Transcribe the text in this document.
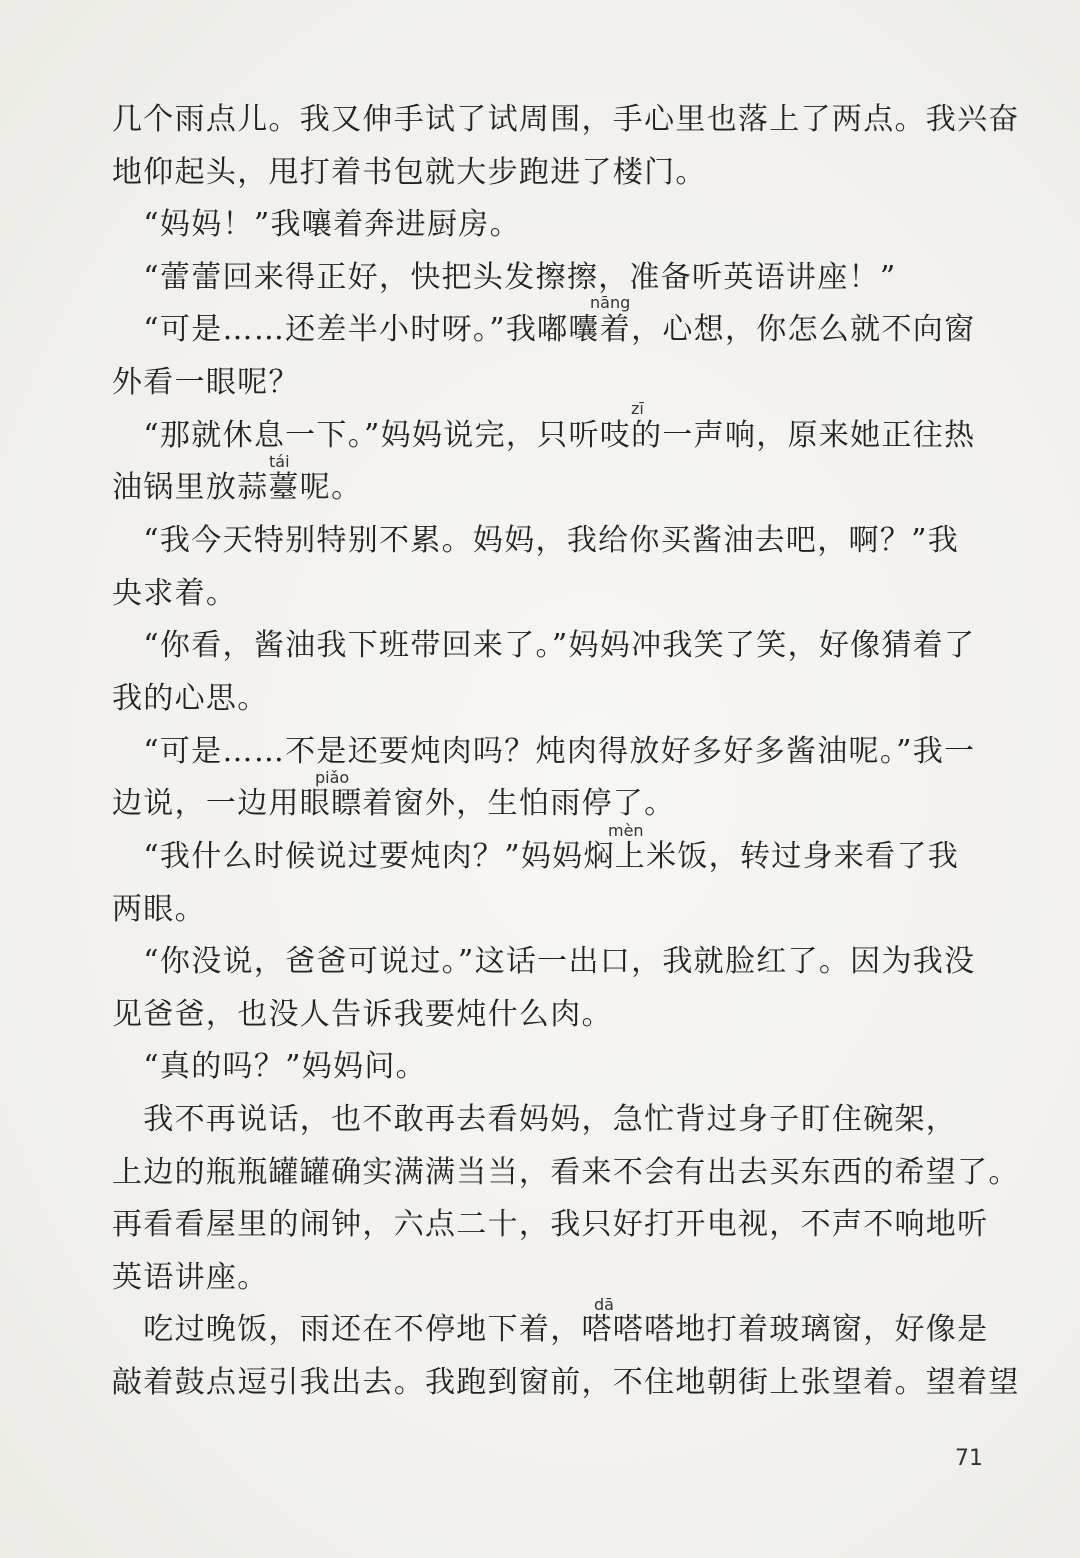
几个雨点儿。我又伸手试了试周围，手心里也落上了两点。我兴奋
地仰起头，甩打着书包就大步跑进了楼门。
　“妈妈！”我嚷着奔进厨房。
　“蕾蕾回来得正好，快把头发擦擦，准备听英语讲座！”
　“可是……还差半小时呀。”我嘟囔着，心想，你怎么就不向窗
外看一眼呢？
　“那就休息一下。”妈妈说完，只听吱的一声响，原来她正往热
油锅里放蒜薹呢。
　“我今天特别特别不累。妈妈，我给你买酱油去吧，啊？”我
央求着。
　“你看，酱油我下班带回来了。”妈妈冲我笑了笑，好像猜着了
我的心思。
　“可是……不是还要炖肉吗？炖肉得放好多好多酱油呢。”我一
边说，一边用眼瞟着窗外，生怕雨停了。
　“我什么时候说过要炖肉？”妈妈焖上米饭，转过身来看了我
两眼。
　“你没说，爸爸可说过。”这话一出口，我就脸红了。因为我没
见爸爸，也没人告诉我要炖什么肉。
　“真的吗？”妈妈问。
　我不再说话，也不敢再去看妈妈，急忙背过身子盯住碗架，
上边的瓶瓶罐罐确实满满当当，看来不会有出去买东西的希望了。
再看看屋里的闹钟，六点二十，我只好打开电视，不声不响地听
英语讲座。
　吃过晚饭，雨还在不停地下着，嗒嗒嗒地打着玻璃窗，好像是
敲着鼓点逗引我出去。我跑到窗前，不住地朝街上张望着。望着望
nāng
zī
tái
piǎo
mèn
dā
71
